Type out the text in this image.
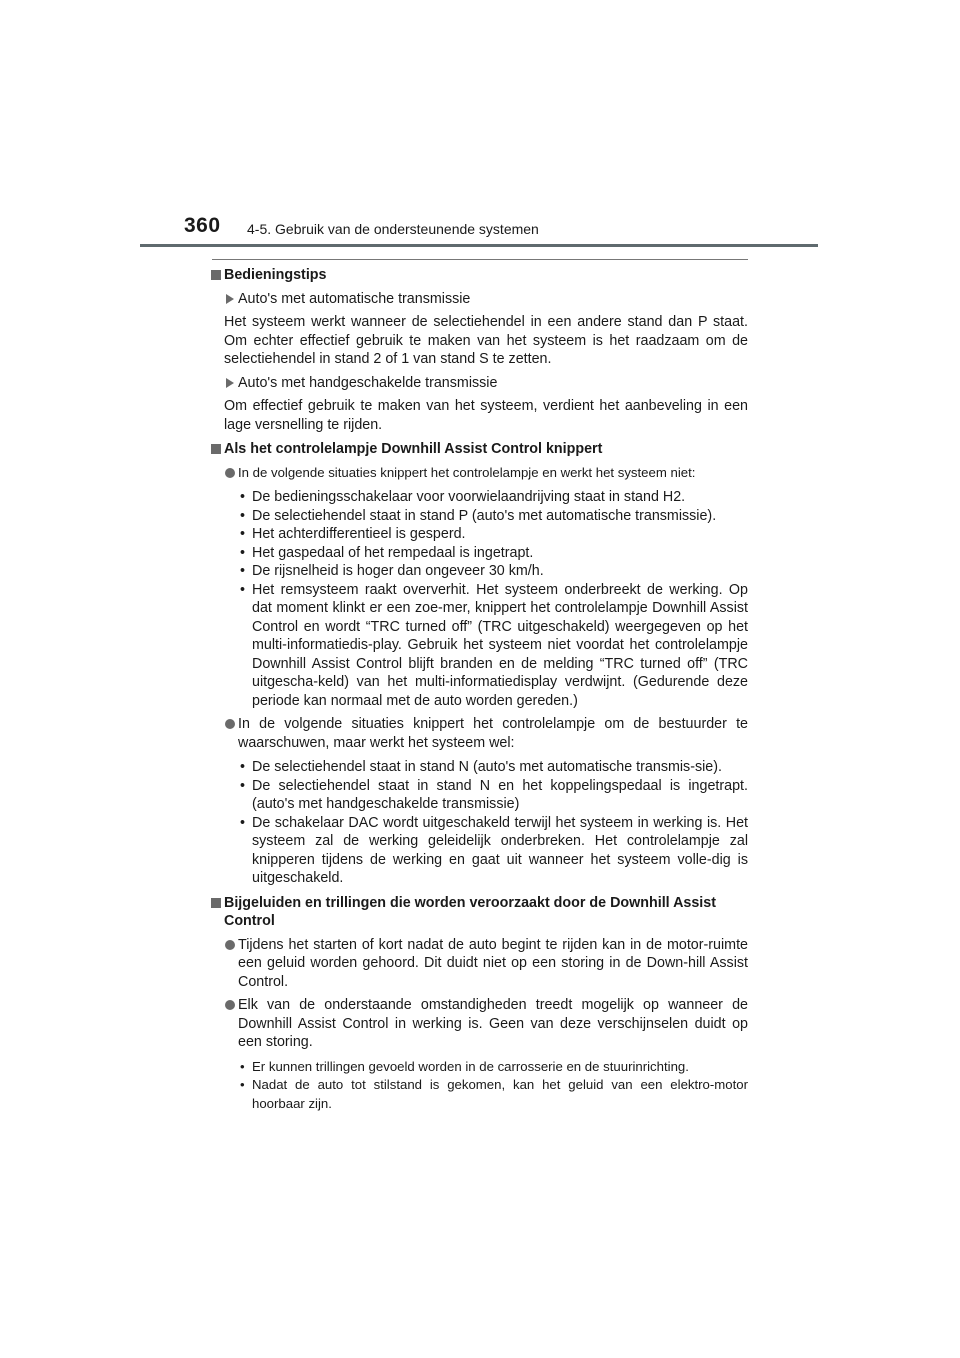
360 4-5. Gebruik van de ondersteunende systemen
Bedieningstips
Auto's met automatische transmissie
Het systeem werkt wanneer de selectiehendel in een andere stand dan P staat. Om echter effectief gebruik te maken van het systeem is het raadzaam om de selectiehendel in stand 2 of 1 van stand S te zetten.
Auto's met handgeschakelde transmissie
Om effectief gebruik te maken van het systeem, verdient het aanbeveling in een lage versnelling te rijden.
Als het controlelampje Downhill Assist Control knippert
In de volgende situaties knippert het controlelampje en werkt het systeem niet:
• De bedieningsschakelaar voor voorwielaandrijving staat in stand H2.
• De selectiehendel staat in stand P (auto's met automatische transmissie).
• Het achterdifferentieel is gesperd.
• Het gaspedaal of het rempedaal is ingetrapt.
• De rijsnelheid is hoger dan ongeveer 30 km/h.
• Het remsysteem raakt oververhit. Het systeem onderbreekt de werking. Op dat moment klinkt er een zoe-mer, knippert het controlelampje Downhill Assist Control en wordt “TRC turned off” (TRC uitgeschakeld) weergegeven op het multi-informatiedis-play. Gebruik het systeem niet voordat het controlelampje Downhill Assist Control blijft branden en de melding “TRC turned off” (TRC uitgescha-keld) van het multi-informatiedisplay verdwijnt. (Gedurende deze periode kan normaal met de auto worden gereden.)
In de volgende situaties knippert het controlelampje om de bestuurder te waarschuwen, maar werkt het systeem wel:
• De selectiehendel staat in stand N (auto's met automatische transmis-sie).
• De selectiehendel staat in stand N en het koppelingspedaal is ingetrapt. (auto's met handgeschakelde transmissie)
• De schakelaar DAC wordt uitgeschakeld terwijl het systeem in werking is. Het systeem zal de werking geleidelijk onderbreken. Het controlelampje zal knipperen tijdens de werking en gaat uit wanneer het systeem volle-dig is uitgeschakeld.
Bijgeluiden en trillingen die worden veroorzaakt door de Downhill Assist Control
Tijdens het starten of kort nadat de auto begint te rijden kan in de motor-ruimte een geluid worden gehoord. Dit duidt niet op een storing in de Down-hill Assist Control.
Elk van de onderstaande omstandigheden treedt mogelijk op wanneer de Downhill Assist Control in werking is. Geen van deze verschijnselen duidt op een storing.
• Er kunnen trillingen gevoeld worden in de carrosserie en de stuurinrichting.
• Nadat de auto tot stilstand is gekomen, kan het geluid van een elektro-motor hoorbaar zijn.
